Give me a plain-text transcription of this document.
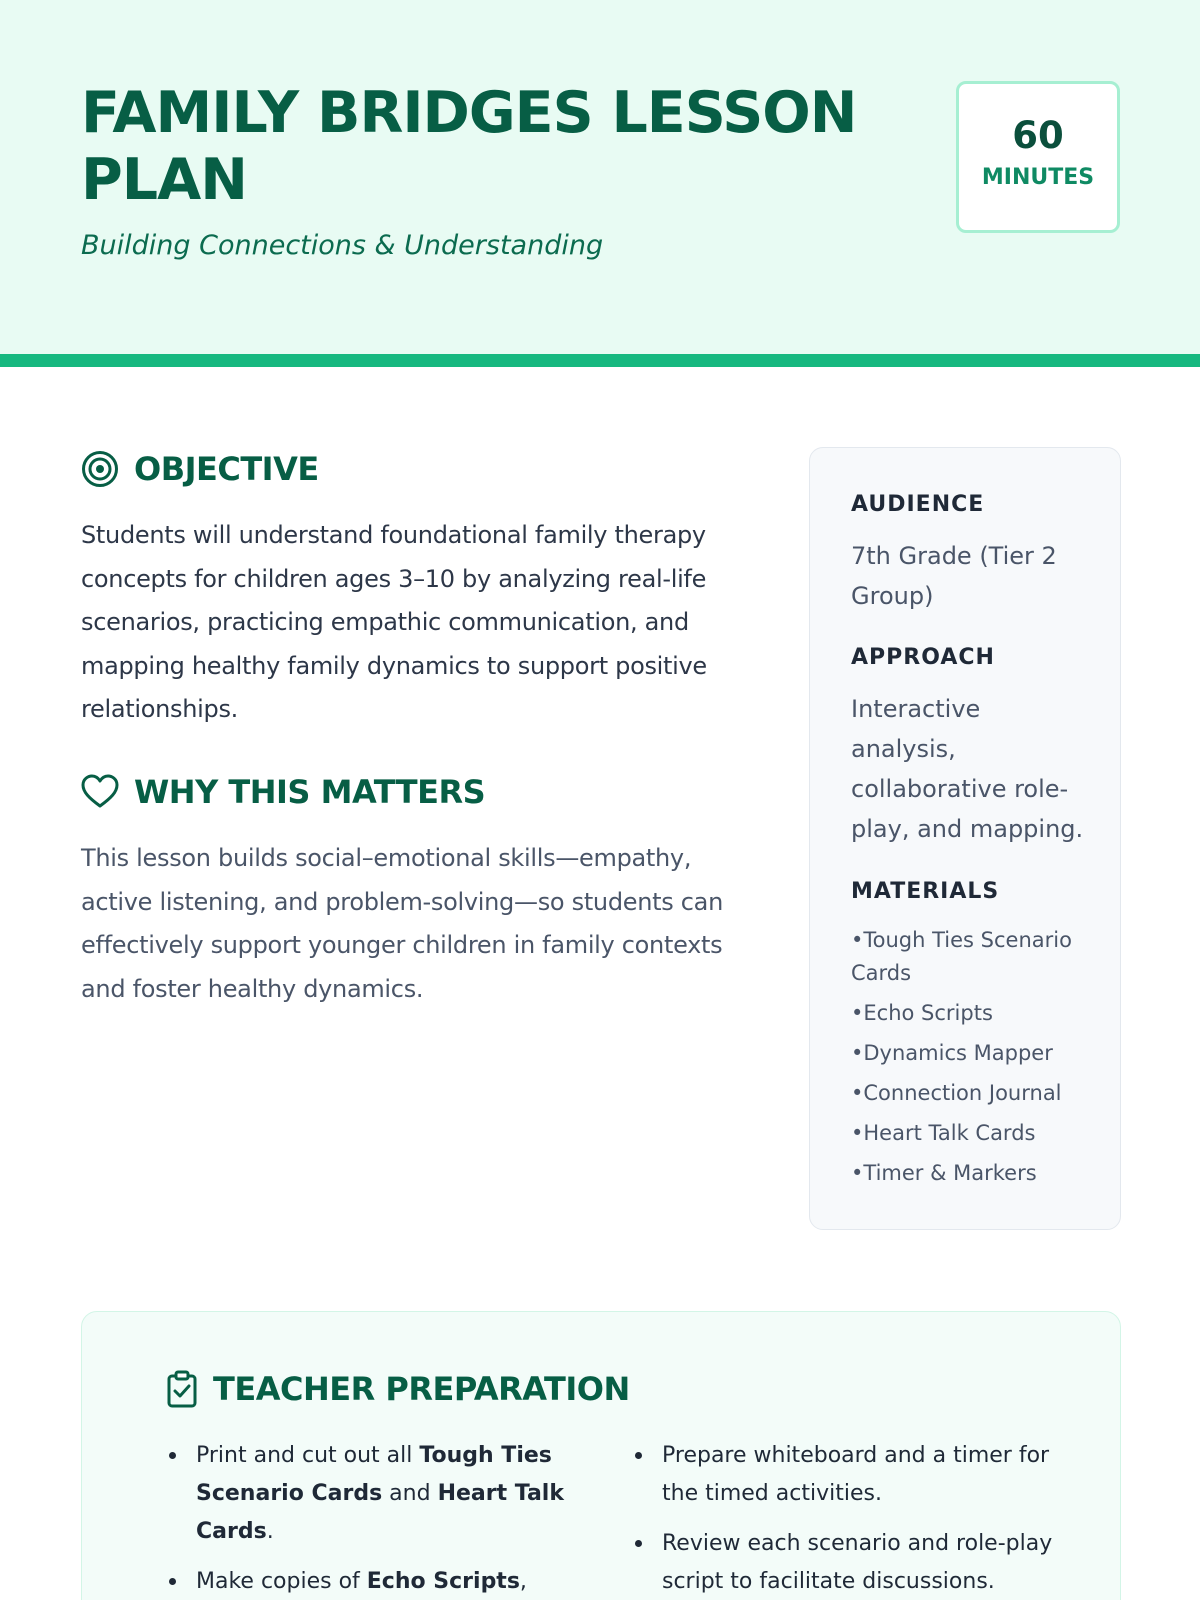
FAMILY BRIDGES LESSON PLAN
Building Connections & Understanding
60
MINUTES
OBJECTIVE

Students will understand foundational family therapy concepts for children ages 3–10 by analyzing real-life scenarios, practicing empathic communication, and mapping healthy family dynamics to support positive relationships.

WHY THIS MATTERS

This lesson builds social–emotional skills—empathy, active listening, and problem-solving—so students can effectively support younger children in family contexts and foster healthy dynamics.

AUDIENCE
7th Grade (Tier 2 Group)
APPROACH
Interactive analysis, collaborative role-play, and mapping.
MATERIALS
• Tough Ties Scenario Cards
• Echo Scripts
• Dynamics Mapper
• Connection Journal
• Heart Talk Cards
• Timer & Markers
TEACHER PREPARATION
Print and cut out all Tough Ties Scenario Cards and Heart Talk Cards.
Make copies of Echo Scripts,
Prepare whiteboard and a timer for the timed activities.
Review each scenario and role-play script to facilitate discussions.
